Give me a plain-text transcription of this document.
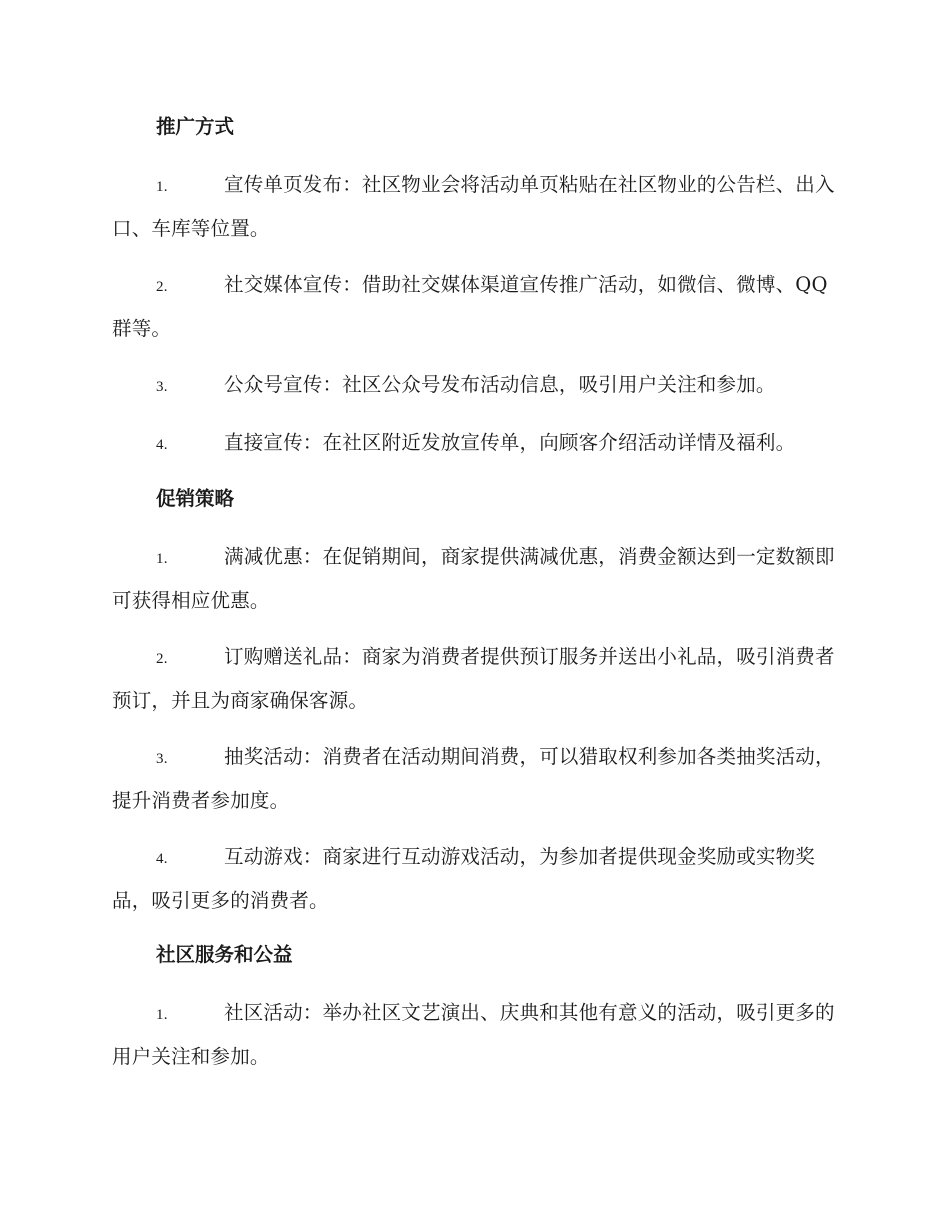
推广方式

1.	宣传单页发布：社区物业会将活动单页粘贴在社区物业的公告栏、出入口、车库等位置。

2.	社交媒体宣传：借助社交媒体渠道宣传推广活动，如微信、微博、QQ 群等。

3.	公众号宣传：社区公众号发布活动信息，吸引用户关注和参加。

4.	直接宣传：在社区附近发放宣传单，向顾客介绍活动详情及福利。

促销策略

1.	满减优惠：在促销期间，商家提供满减优惠，消费金额达到一定数额即可获得相应优惠。

2.	订购赠送礼品：商家为消费者提供预订服务并送出小礼品，吸引消费者预订，并且为商家确保客源。

3.	抽奖活动：消费者在活动期间消费，可以猎取权利参加各类抽奖活动，提升消费者参加度。

4.	互动游戏：商家进行互动游戏活动，为参加者提供现金奖励或实物奖品，吸引更多的消费者。

社区服务和公益

1.	社区活动：举办社区文艺演出、庆典和其他有意义的活动，吸引更多的用户关注和参加。
